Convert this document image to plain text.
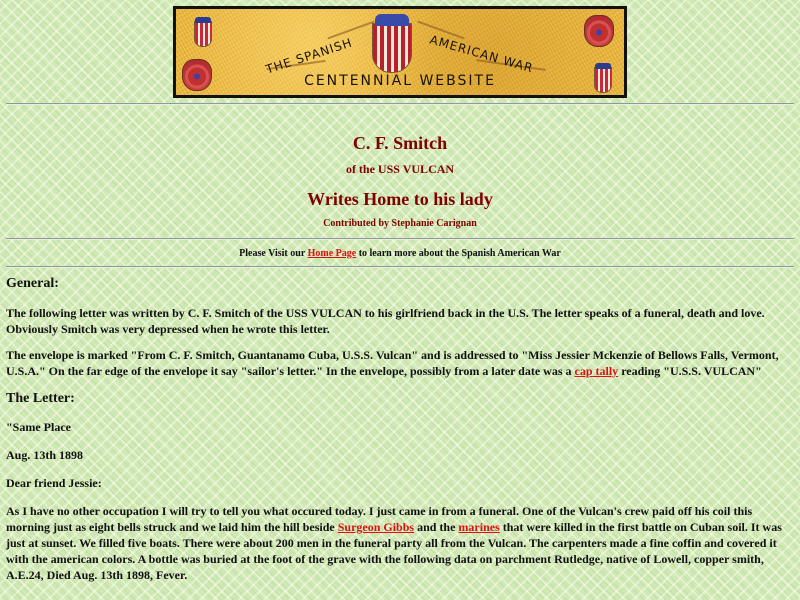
THE SPANISH	AMERICAN WAR
CENTENNIAL WEBSITE
C. F. Smitch
of the USS VULCAN
Writes Home to his lady
Contributed by Stephanie Carignan
Please Visit our Home Page to learn more about the Spanish American War
General:

The following letter was written by C. F. Smitch of the USS VULCAN to his girlfriend back in the U.S. The letter speaks of a funeral, death and love. Obviously Smitch was very depressed when he wrote this letter.

The envelope is marked "From C. F. Smitch, Guantanamo Cuba, U.S.S. Vulcan" and is addressed to "Miss Jessier Mckenzie of Bellows Falls, Vermont, U.S.A." On the far edge of the envelope it say "sailor's letter." In the envelope, possibly from a later date was a cap tally reading "U.S.S. VULCAN"

The Letter:

"Same Place

Aug. 13th 1898

Dear friend Jessie:

As I have no other occupation I will try to tell you what occured today. I just came in from a funeral. One of the Vulcan's crew paid off his coil this morning just as eight bells struck and we laid him the hill beside Surgeon Gibbs and the marines that were killed in the first battle on Cuban soil. It was just at sunset. We filled five boats. There were about 200 men in the funeral party all from the Vulcan. The carpenters made a fine coffin and covered it with the american colors. A bottle was buried at the foot of the grave with the following data on parchment Rutledge, native of Lowell, copper smith, A.E.24, Died Aug. 13th 1898, Fever.
